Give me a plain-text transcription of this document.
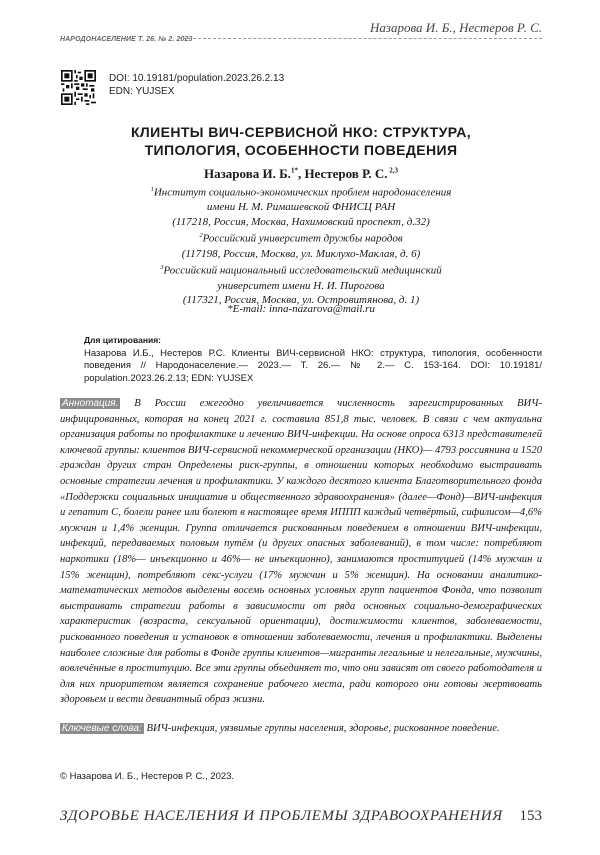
Назарова И. Б., Нестеров Р. С.
НАРОДОНАСЕЛЕНИЕ Т. 26. № 2. 2023
DOI: 10.19181/population.2023.26.2.13
EDN: YUJSEX
КЛИЕНТЫ ВИЧ-СЕРВИСНОЙ НКО: СТРУКТУРА,
ТИПОЛОГИЯ, ОСОБЕННОСТИ ПОВЕДЕНИЯ
Назарова И. Б.$^{1*}$, Нестеров Р. С. $^{2,3}$
$^1$Институт социально-экономических проблем народонаселения
имени Н. М. Римашевской ФНИСЦ РАН
(117218, Россия, Москва, Нахимовский проспект, д.32)
$^2$Российский университет дружбы народов
(117198, Россия, Москва, ул. Миклухо-Маклая, д. 6)
$^3$Российский национальный исследовательский медицинский
университет имени Н. И. Пирогова
(117321, Россия, Москва, ул. Островитянова, д. 1)
*E-mail: inna-nazarova@mail.ru
Для цитирования:
Назарова И.Б., Нестеров Р.С. Клиенты ВИЧ-сервисной НКО: структура, типология, особенности поведения // Народонаселение.— 2023.— Т. 26.— № 2.— С. 153-164. DOI: 10.19181/ population.2023.26.2.13; EDN: YUJSEX
Аннотация. В России ежегодно увеличивается численность зарегистрированных ВИЧ-инфицированных, которая на конец 2021 г. составила 851,8 тыс. человек. В связи с чем актуальна организация работы по профилактике и лечению ВИЧ-инфекции. На основе опроса 6313 представителей ключевой группы: клиентов ВИЧ-сервисной некоммерческой организации (НКО)— 4793 россиянина и 1520 граждан других стран Определены риск-группы, в отношении которых необходимо выстраивать основные стратегии лечения и профилактики. У каждого десятого клиента Благотворительного фонда «Поддержки социальных инициатив и общественного здравоохранения» (далее—Фонд)—ВИЧ-инфекция и гепатит С, болели ранее или болеют в настоящее время ИППП каждый четвёртый, сифилисом—4,6% мужчин и 1,4% женщин. Группа отличается рискованным поведением в отношении ВИЧ-инфекции, инфекций, передаваемых половым путём (и других опасных заболеваний), в том числе: потребляют наркотики (18%— инъекционно и 46%— не инъекционно), занимаются проституцией (14% мужчин и 15% женщин), потребляют секс-услуги (17% мужчин и 5% женщин). На основании аналитико-математических методов выделены восемь основных условных групп пациентов Фонда, что позволит выстраивать стратегии работы в зависимости от ряда основных социально-демографических характеристик (возраста, сексуальной ориентации), достижимости клиентов, заболеваемости, рискованного поведения и установок в отношении заболеваемости, лечения и профилактики. Выделены наиболее сложные для работы в Фонде группы клиентов—мигранты легальные и нелегальные, мужчины, вовлечённые в проституцию. Все эти группы объединяет то, что они зависят от своего работодателя и для них приоритетом является сохранение рабочего места, ради которого они готовы жертвовать здоровьем и вести девиантный образ жизни.
Ключевые слова: ВИЧ-инфекция, уязвимые группы населения, здоровье, рискованное поведение.
© Назарова И. Б., Нестеров Р. С., 2023.
ЗДОРОВЬЕ НАСЕЛЕНИЯ И ПРОБЛЕМЫ ЗДРАВООХРАНЕНИЯ 153
